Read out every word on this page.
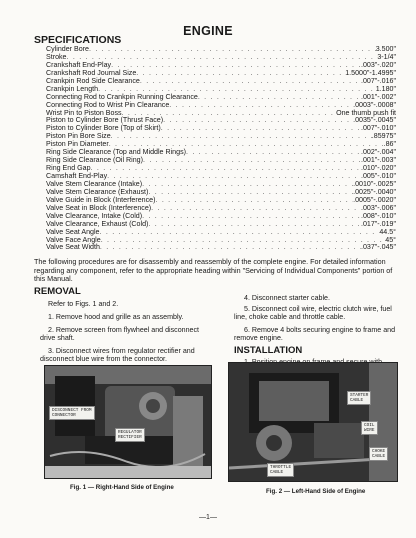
ENGINE
SPECIFICATIONS
Cylinder Bore . . .	3.500"
Stroke . . .	3-1/4"
Crankshaft End-Play . . .	.003"-.020"
Crankshaft Rod Journal Size . . .	1.5000"-1.4995"
Crankpin Rod Side Clearance . . .	.007"-.016"
Crankpin Length . . .	1.180"
Connecting Rod to Crankpin Running Clearance . . .	.001"-.002"
Connecting Rod to Wrist Pin Clearance . . .	.0003"-.0008"
Wrist Pin to Piston Boss . . .	One thumb push fit
Piston to Cylinder Bore (Thrust Face) . . .	.0035"-.0045"
Piston to Cylinder Bore (Top of Skirt) . . .	.007"-.010"
Piston Pin Bore Size . . .	.85975"
Piston Pin Diameter . . .	.86"
Ring Side Clearance (Top and Middle Rings) . . .	.002"-.004"
Ring Side Clearance (Oil Ring) . . .	.001"-.003"
Ring End Gap . . .	.010"-.020"
Camshaft End-Play . . .	.005"-.010"
Valve Stem Clearance (Intake) . . .	.0010"-.0025"
Valve Stem Clearance (Exhaust) . . .	.0025"-.0040"
Valve Guide in Block (Interference) . . .	.0005"-.0020"
Valve Seat in Block (Interference) . . .	.003"-.006"
Valve Clearance, Intake (Cold) . . .	.008"-.010"
Valve Clearance, Exhaust (Cold) . . .	.017"-.019"
Valve Seat Angle . . .	44.5°
Valve Face Angle . . .	45°
Valve Seat Width . . .	.037"-.045"

The following procedures are for disassembly and reassembly of the complete engine. For detailed information regarding any component, refer to the appropriate heading within "Servicing of Individual Components" portion of this Manual.

REMOVAL

Refer to Figs. 1 and 2.

1. Remove hood and grille as an assembly.

2. Remove screen from flywheel and disconnect drive shaft.

3. Disconnect wires from regulator rectifier and disconnect blue wire from the connector.

4. Disconnect starter cable.

5. Disconnect coil wire, electric clutch wire, fuel line, choke cable and throttle cable.

6. Remove 4 bolts securing engine to frame and remove engine.

INSTALLATION

DISCONNECT FROM
CONNECTOR
REGULATOR
RECTIFIER
Fig. 1 — Right-Hand Side of Engine
STARTER
CABLE
COIL
WIRE
CHOKE
CABLE
THROTTLE
CABLE
Fig. 2 — Left-Hand Side of Engine
—1—
